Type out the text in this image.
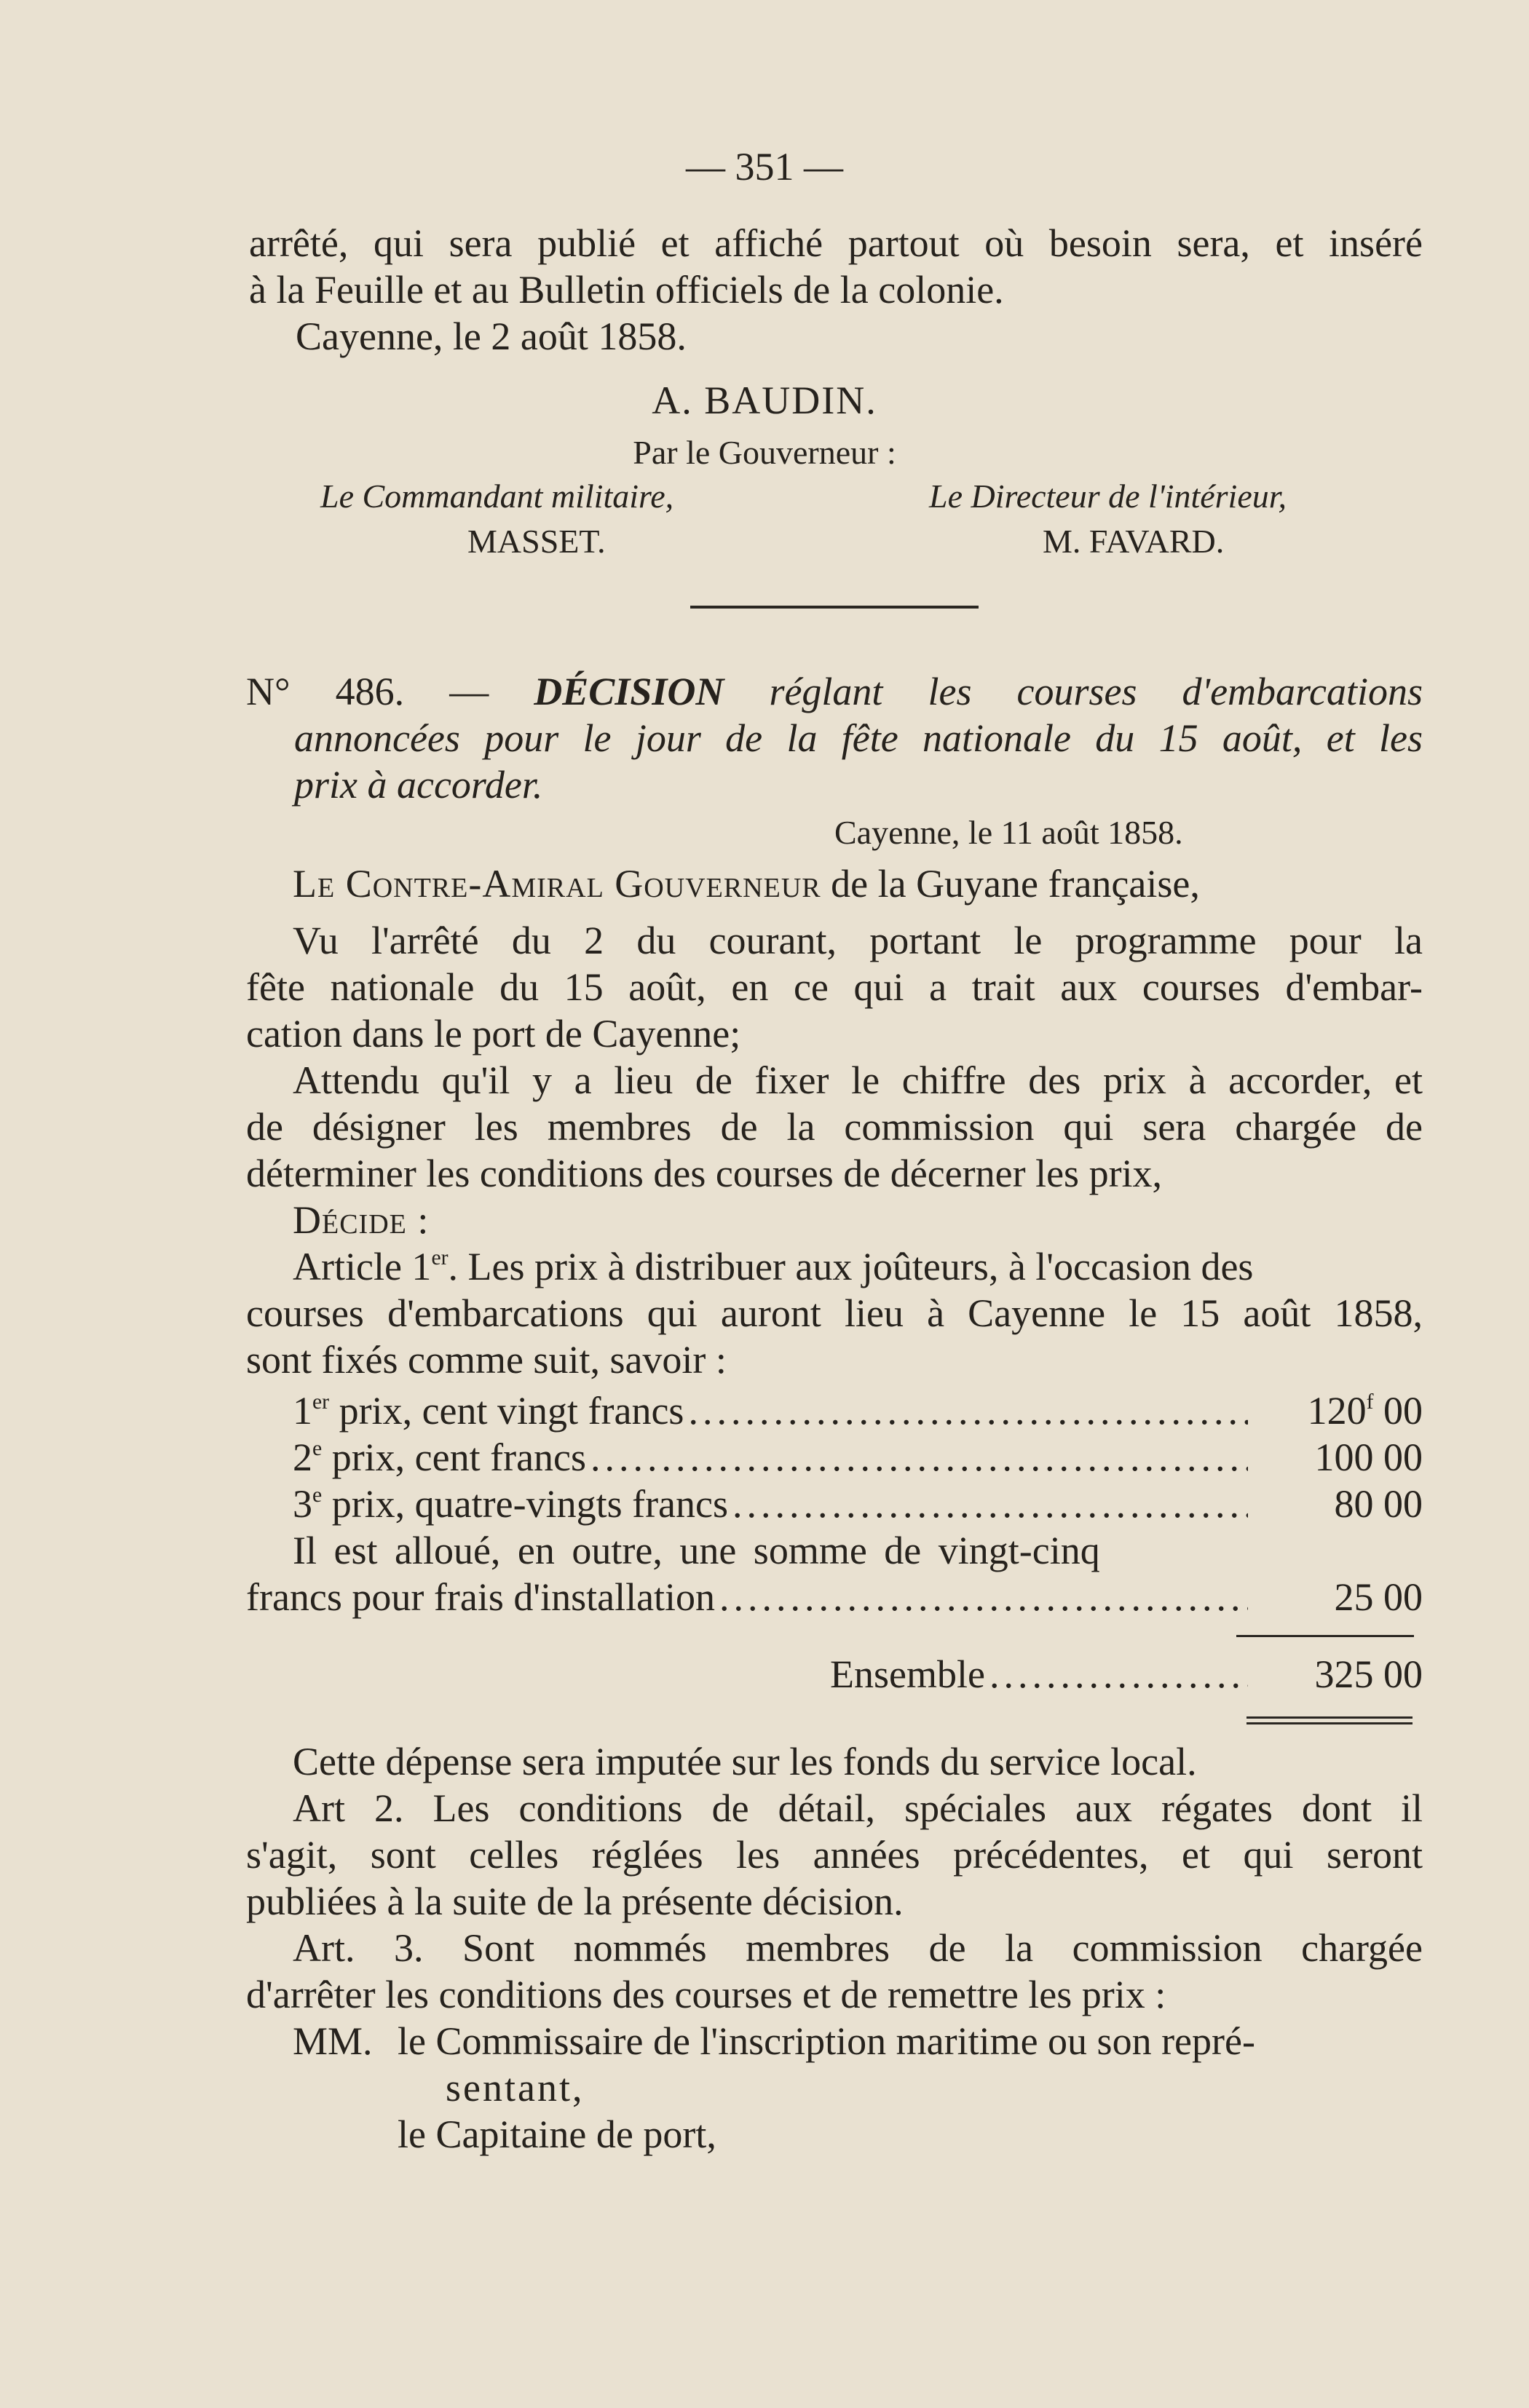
— 351 —
arrêté, qui sera publié et affiché partout où besoin sera, et inséré
à la Feuille et au Bulletin officiels de la colonie.
Cayenne, le 2 août 1858.
A. BAUDIN.
Par le Gouverneur :
Le Commandant militaire,	Le Directeur de l'intérieur,
MASSET.	M. FAVARD.
N° 486. — DÉCISION réglant les courses d'embarcations
annoncées pour le jour de la fête nationale du 15 août, et les
prix à accorder.
Cayenne, le 11 août 1858.
Le Contre-Amiral Gouverneur de la Guyane française,
Vu l'arrêté du 2 du courant, portant le programme pour la
fête nationale du 15 août, en ce qui a trait aux courses d'embar-
cation dans le port de Cayenne;
Attendu qu'il y a lieu de fixer le chiffre des prix à accorder, et
de désigner les membres de la commission qui sera chargée de
déterminer les conditions des courses de décerner les prix,
Décide :
Article 1er. Les prix à distribuer aux joûteurs, à l'occasion des
courses d'embarcations qui auront lieu à Cayenne le 15 août 1858,
sont fixés comme suit, savoir :
1er prix, cent vingt francs .....	120$^f$ 00
2e prix, cent francs .....	100 00
3e prix, quatre-vingts francs .....	80 00
Il est alloué, en outre, une somme de vingt-cinq
francs pour frais d'installation .....	25 00
Ensemble .....	325 00
Cette dépense sera imputée sur les fonds du service local.
Art 2. Les conditions de détail, spéciales aux régates dont il
s'agit, sont celles réglées les années précédentes, et qui seront
publiées à la suite de la présente décision.
Art. 3. Sont nommés membres de la commission chargée
d'arrêter les conditions des courses et de remettre les prix :
MM. le Commissaire de l'inscription maritime ou son repré-
sentant,
le Capitaine de port,
